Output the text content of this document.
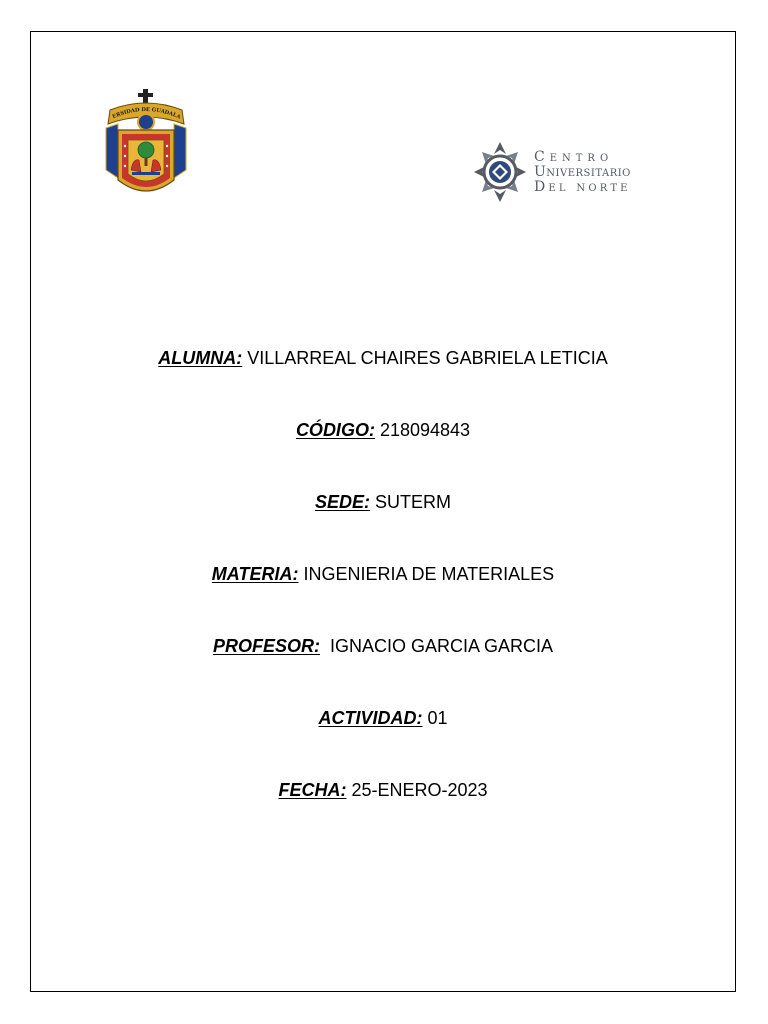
ERSIDAD DE GUADALA
Centro
Universitario
Del norte
ALUMNA: VILLARREAL CHAIRES GABRIELA LETICIA
CÓDIGO: 218094843
SEDE: SUTERM
MATERIA: INGENIERIA DE MATERIALES
PROFESOR:  IGNACIO GARCIA GARCIA
ACTIVIDAD: 01
FECHA: 25-ENERO-2023
